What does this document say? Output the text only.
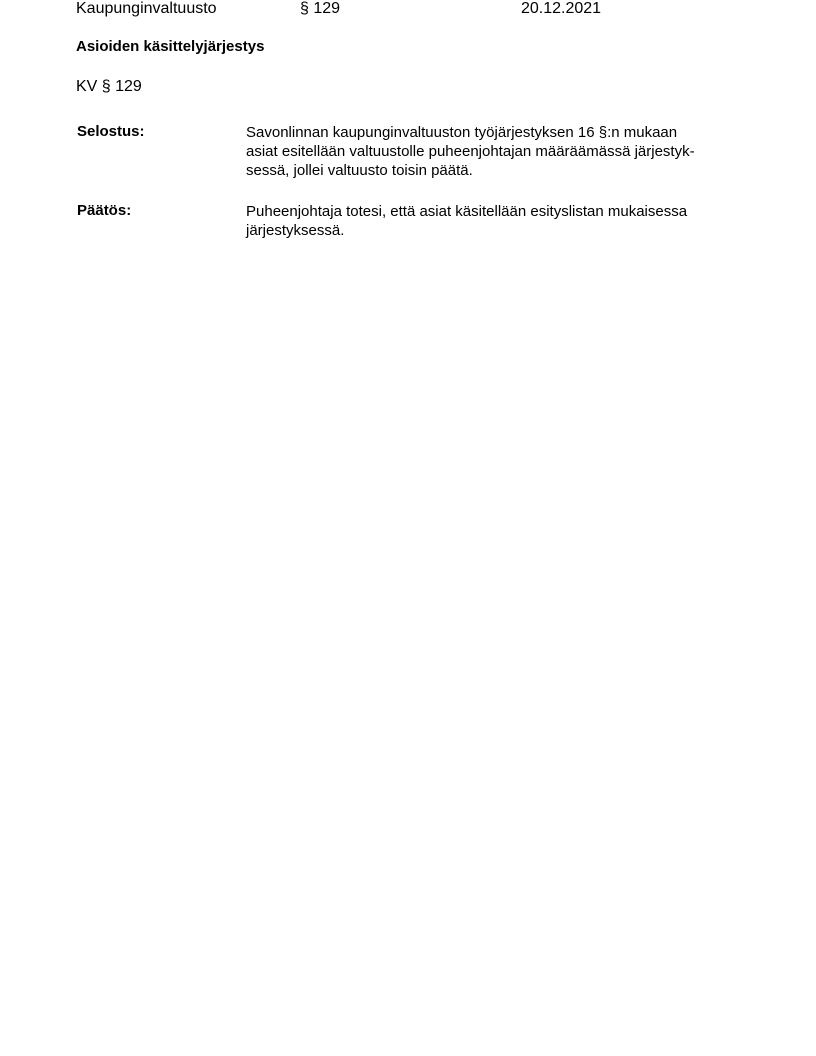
Kaupunginvaltuusto	§ 129	20.12.2021
Asioiden käsittelyjärjestys
KV § 129
Selostus:	Savonlinnan kaupunginvaltuuston työjärjestyksen 16 §:n mukaan
asiat esitellään valtuustolle puheenjohtajan määräämässä järjestyk-
sessä, jollei valtuusto toisin päätä.
Päätös:	Puheenjohtaja totesi, että asiat käsitellään esityslistan mukaisessa
järjestyksessä.
